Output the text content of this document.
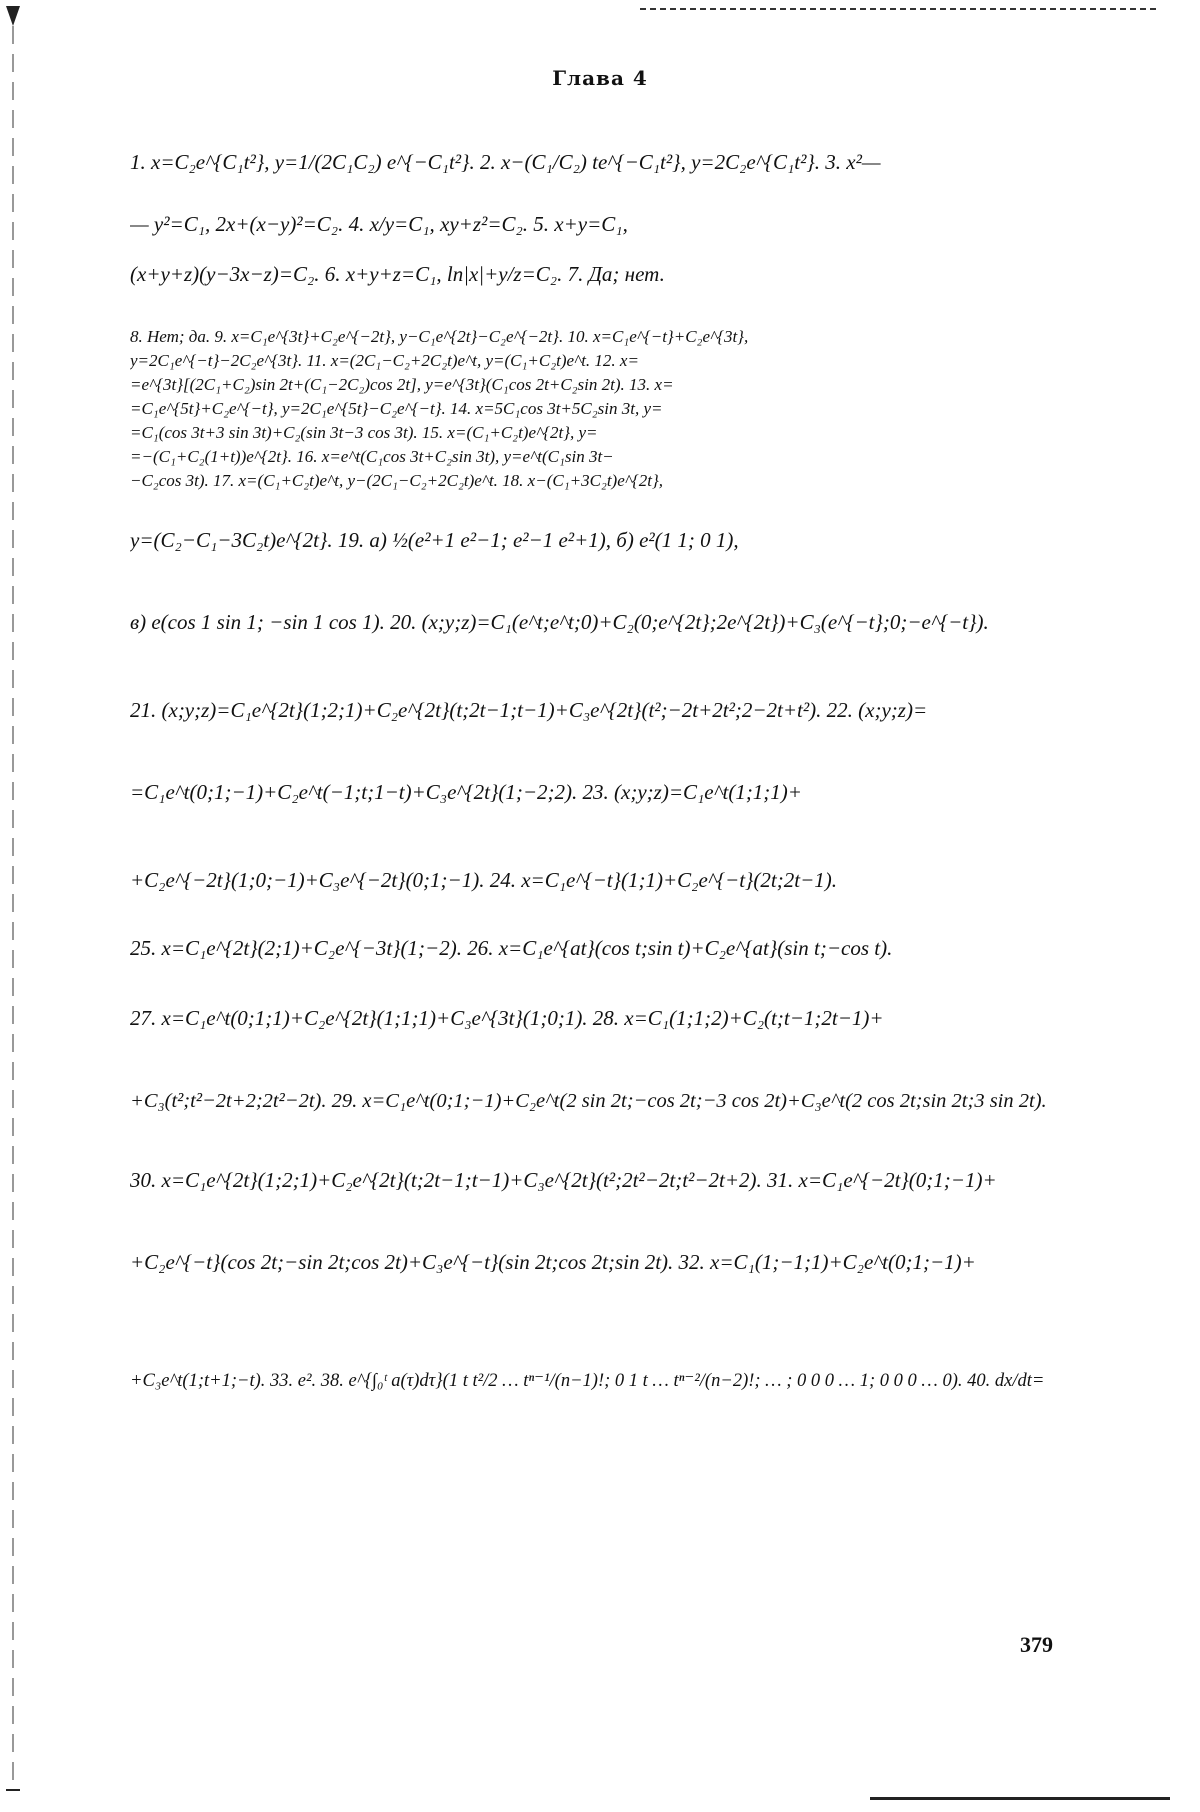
Глава 4
1. x=C₂e^{C₁t²}, y=1/(2C₁C₂) e^{−C₁t²}. 2. x−(C₁/C₂) te^{−C₁t²}, y=2C₂e^{C₁t²}. 3. x²—
— y²=C₁, 2x+(x−y)²=C₂. 4. x/y=C₁, xy+z²=C₂. 5. x+y=C₁,
(x+y+z)(y−3x−z)=C₂. 6. x+y+z=C₁, ln|x|+y/z=C₂. 7. Да; нет.
8. Нет; да. 9. x=C₁e^{3t}+C₂e^{−2t}, y−C₁e^{2t}−C₂e^{−2t}. 10. x=C₁e^{−t}+C₂e^{3t},
y=2C₁e^{−t}−2C₂e^{3t}. 11. x=(2C₁−C₂+2C₂t)e^t, y=(C₁+C₂t)e^t. 12. x=
=e^{3t}[(2C₁+C₂)sin 2t+(C₁−2C₂)cos 2t], y=e^{3t}(C₁cos 2t+C₂sin 2t). 13. x=
=C₁e^{5t}+C₂e^{−t}, y=2C₁e^{5t}−C₂e^{−t}. 14. x=5C₁cos 3t+5C₂sin 3t, y=
=C₁(cos 3t+3 sin 3t)+C₂(sin 3t−3 cos 3t). 15. x=(C₁+C₂t)e^{2t}, y=
=−(C₁+C₂(1+t))e^{2t}. 16. x=e^t(C₁cos 3t+C₂sin 3t), y=e^t(C₁sin 3t−
−C₂cos 3t). 17. x=(C₁+C₂t)e^t, y−(2C₁−C₂+2C₂t)e^t. 18. x−(C₁+3C₂t)e^{2t},
y=(C₂−C₁−3C₂t)e^{2t}. 19. а) ½(e²+1 e²−1; e²−1 e²+1), б) e²(1 1; 0 1),
в) e(cos 1 sin 1; −sin 1 cos 1). 20. (x;y;z)=C₁(e^t;e^t;0)+C₂(0;e^{2t};2e^{2t})+C₃(e^{−t};0;−e^{−t}).
21. (x;y;z)=C₁e^{2t}(1;2;1)+C₂e^{2t}(t;2t−1;t−1)+C₃e^{2t}(t²;−2t+2t²;2−2t+t²). 22. (x;y;z)=
=C₁e^t(0;1;−1)+C₂e^t(−1;t;1−t)+C₃e^{2t}(1;−2;2). 23. (x;y;z)=C₁e^t(1;1;1)+
+C₂e^{−2t}(1;0;−1)+C₃e^{−2t}(0;1;−1). 24. x=C₁e^{−t}(1;1)+C₂e^{−t}(2t;2t−1).
25. x=C₁e^{2t}(2;1)+C₂e^{−3t}(1;−2). 26. x=C₁e^{at}(cos t;sin t)+C₂e^{at}(sin t;−cos t).
27. x=C₁e^t(0;1;1)+C₂e^{2t}(1;1;1)+C₃e^{3t}(1;0;1). 28. x=C₁(1;1;2)+C₂(t;t−1;2t−1)+
+C₃(t²;t²−2t+2;2t²−2t). 29. x=C₁e^t(0;1;−1)+C₂e^t(2 sin 2t;−cos 2t;−3 cos 2t)+C₃e^t(2 cos 2t;sin 2t;3 sin 2t).
30. x=C₁e^{2t}(1;2;1)+C₂e^{2t}(t;2t−1;t−1)+C₃e^{2t}(t²;2t²−2t;t²−2t+2). 31. x=C₁e^{−2t}(0;1;−1)+
+C₂e^{−t}(cos 2t;−sin 2t;cos 2t)+C₃e^{−t}(sin 2t;cos 2t;sin 2t). 32. x=C₁(1;−1;1)+C₂e^t(0;1;−1)+
+C₃e^t(1;t+1;−t). 33. e². 38. e^{∫₀ᵗ a(τ)dτ}(1 t t²/2 … tⁿ⁻¹/(n−1)!; 0 1 t … tⁿ⁻²/(n−2)!; … ; 0 0 0 … 1; 0 0 0 … 0). 40. dx/dt=
379
